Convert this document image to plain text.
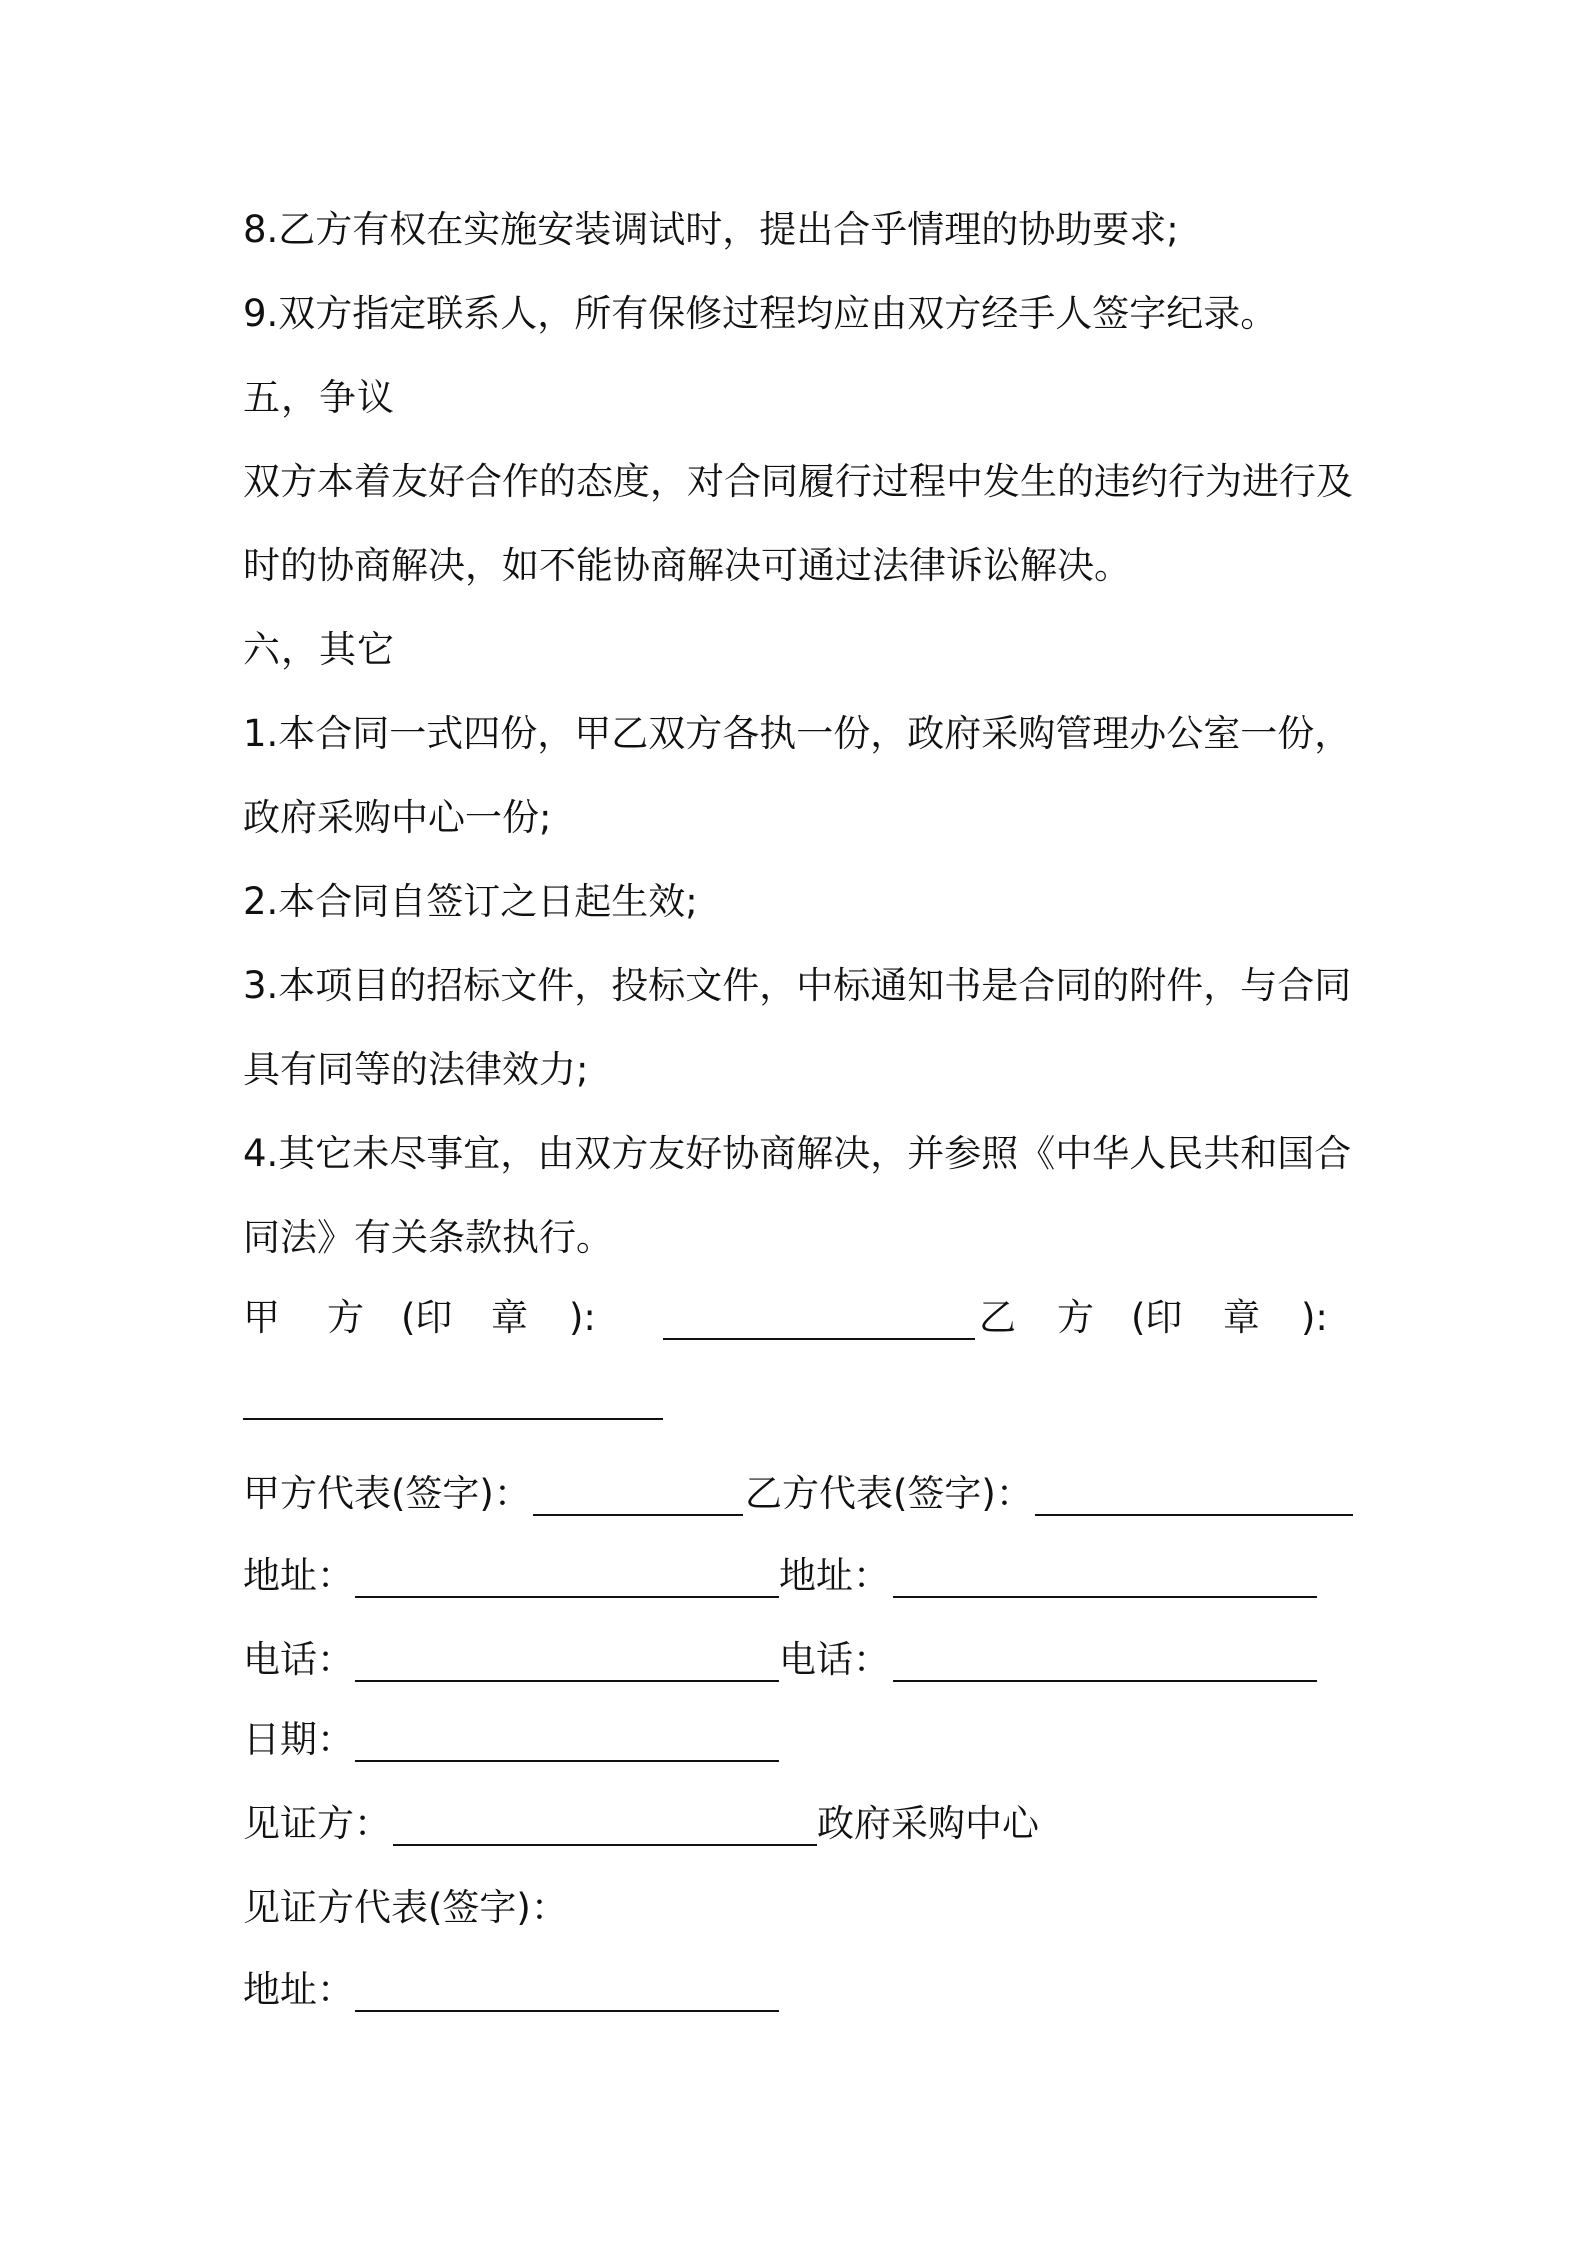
8.乙方有权在实施安装调试时，提出合乎情理的协助要求;
9.双方指定联系人，所有保修过程均应由双方经手人签字纪录。
五，争议
双方本着友好合作的态度，对合同履行过程中发生的违约行为进行及
时的协商解决，如不能协商解决可通过法律诉讼解决。
六，其它
1.本合同一式四份，甲乙双方各执一份，政府采购管理办公室一份，
政府采购中心一份;
2.本合同自签订之日起生效;
3.本项目的招标文件，投标文件，中标通知书是合同的附件，与合同
具有同等的法律效力;
4.其它未尽事宜，由双方友好协商解决，并参照《中华人民共和国合
同法》有关条款执行。
甲 方 (印 章 ):	乙 方 (印 章 ):
甲方代表(签字)：	乙方代表(签字)：
地址：	地址：
电话：	电话：
日期：
见证方：	政府采购中心
见证方代表(签字)：
地址：
